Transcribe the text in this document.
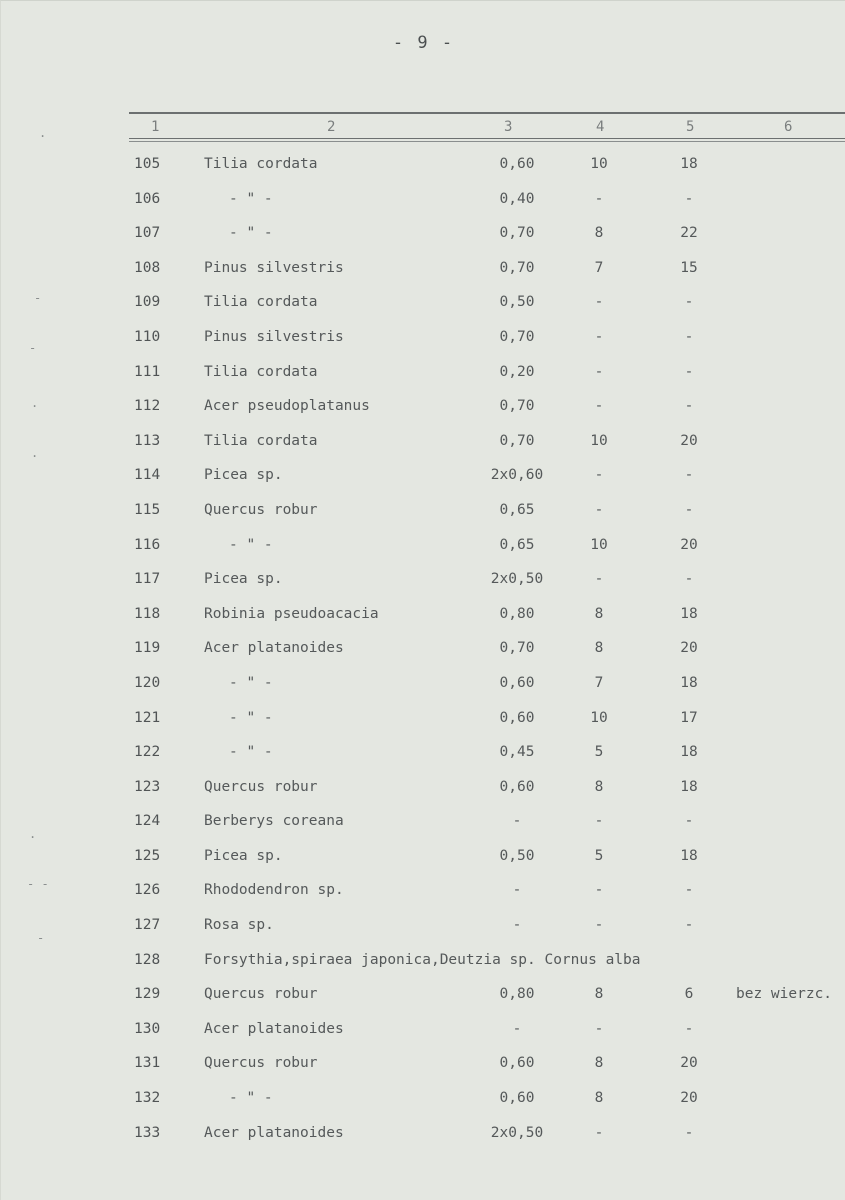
- 9 -
1	2	3	4	5	6
.
-
-
.
.
.
- -
-
105	Tilia cordata	0,60	10	18
106	- " -	0,40	-	-
107	- " -	0,70	8	22
108	Pinus silvestris	0,70	7	15
109	Tilia cordata	0,50	-	-
110	Pinus silvestris	0,70	-	-
111	Tilia cordata	0,20	-	-
112	Acer pseudoplatanus	0,70	-	-
113	Tilia cordata	0,70	10	20
114	Picea sp.	2x0,60	-	-
115	Quercus robur	0,65	-	-
116	- " -	0,65	10	20
117	Picea sp.	2x0,50	-	-
118	Robinia pseudoacacia	0,80	8	18
119	Acer platanoides	0,70	8	20
120	- " -	0,60	7	18
121	- " -	0,60	10	17
122	- " -	0,45	5	18
123	Quercus robur	0,60	8	18
124	Berberys coreana	-	-	-
125	Picea sp.	0,50	5	18
126	Rhododendron sp.	-	-	-
127	Rosa sp.	-	-	-
128	Forsythia,spiraea japonica,Deutzia sp. Cornus alba
129	Quercus robur	0,80	8	6	bez wierzc.
130	Acer platanoides	-	-	-
131	Quercus robur	0,60	8	20
132	- " -	0,60	8	20
133	Acer platanoides	2x0,50	-	-
